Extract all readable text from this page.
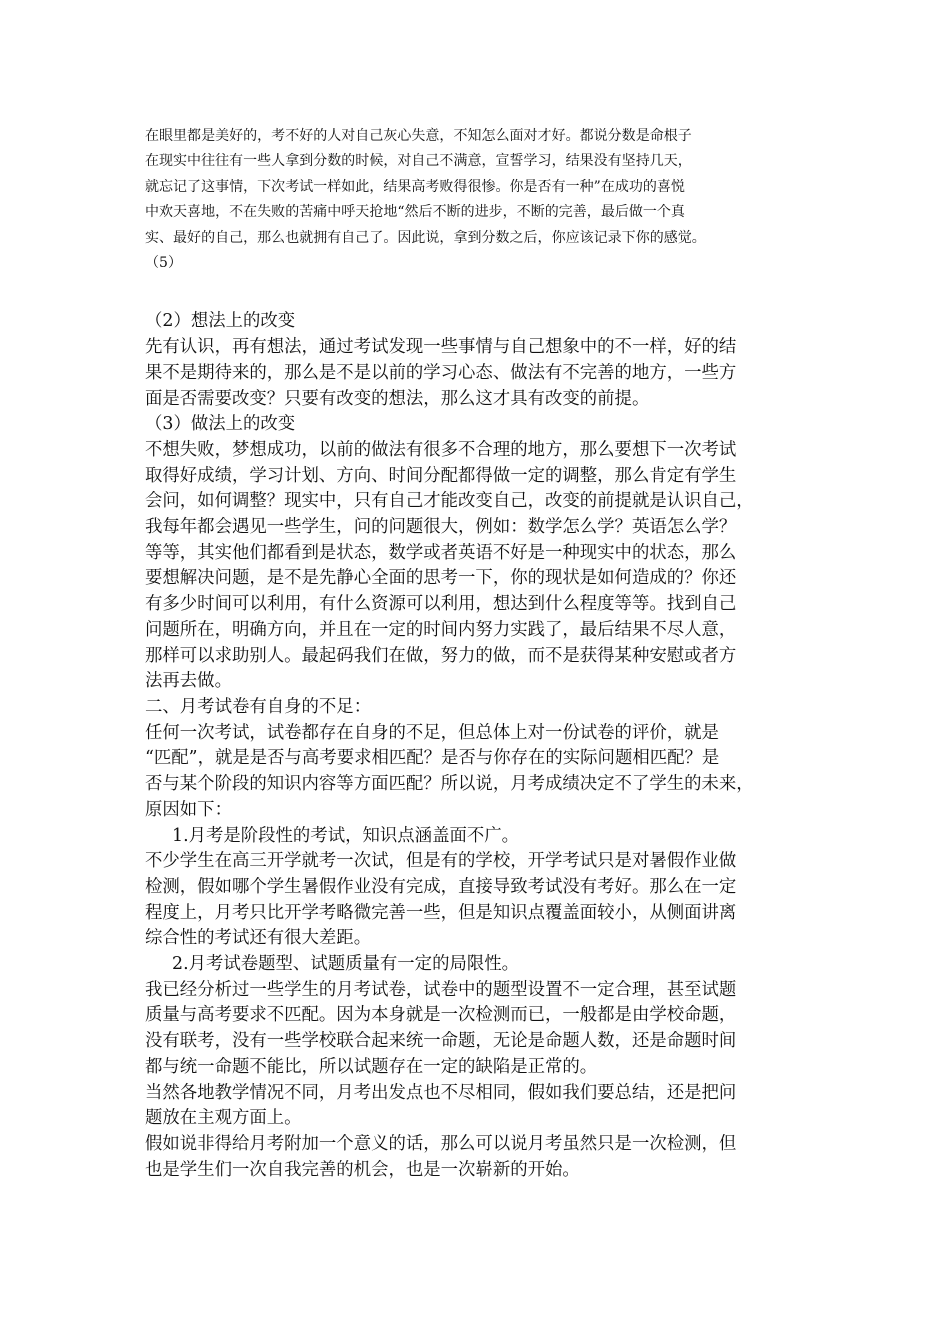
在眼里都是美好的，考不好的人对自己灰心失意，不知怎么面对才好。都说分数是命根子

在现实中往往有一些人拿到分数的时候，对自己不满意，宣誓学习，结果没有坚持几天，

就忘记了这事情，下次考试一样如此，结果高考败得很惨。你是否有一种”在成功的喜悦

中欢天喜地，不在失败的苦痛中呼天抢地“然后不断的进步，不断的完善，最后做一个真

实、最好的自己，那么也就拥有自己了。因此说，拿到分数之后，你应该记录下你的感觉。

（5）

（2）想法上的改变

先有认识，再有想法，通过考试发现一些事情与自己想象中的不一样，好的结

果不是期待来的，那么是不是以前的学习心态、做法有不完善的地方，一些方

面是否需要改变？只要有改变的想法，那么这才具有改变的前提。

（3）做法上的改变

不想失败，梦想成功，以前的做法有很多不合理的地方，那么要想下一次考试

取得好成绩，学习计划、方向、时间分配都得做一定的调整，那么肯定有学生

会问，如何调整？现实中，只有自己才能改变自己，改变的前提就是认识自己，

我每年都会遇见一些学生，问的问题很大，例如：数学怎么学？英语怎么学？

等等，其实他们都看到是状态，数学或者英语不好是一种现实中的状态，那么

要想解决问题，是不是先静心全面的思考一下，你的现状是如何造成的？你还

有多少时间可以利用，有什么资源可以利用，想达到什么程度等等。找到自己

问题所在，明确方向，并且在一定的时间内努力实践了，最后结果不尽人意，

那样可以求助别人。最起码我们在做，努力的做，而不是获得某种安慰或者方

法再去做。

二、月考试卷有自身的不足：

任何一次考试，试卷都存在自身的不足，但总体上对一份试卷的评价，就是

“匹配”，就是是否与高考要求相匹配？是否与你存在的实际问题相匹配？是

否与某个阶段的知识内容等方面匹配？所以说，月考成绩决定不了学生的未来，

原因如下：

1.月考是阶段性的考试，知识点涵盖面不广。

不少学生在高三开学就考一次试，但是有的学校，开学考试只是对暑假作业做

检测，假如哪个学生暑假作业没有完成，直接导致考试没有考好。那么在一定

程度上，月考只比开学考略微完善一些，但是知识点覆盖面较小，从侧面讲离

综合性的考试还有很大差距。

2.月考试卷题型、试题质量有一定的局限性。

我已经分析过一些学生的月考试卷，试卷中的题型设置不一定合理，甚至试题

质量与高考要求不匹配。因为本身就是一次检测而已，一般都是由学校命题，

没有联考，没有一些学校联合起来统一命题，无论是命题人数，还是命题时间

都与统一命题不能比，所以试题存在一定的缺陷是正常的。

当然各地教学情况不同，月考出发点也不尽相同，假如我们要总结，还是把问

题放在主观方面上。

假如说非得给月考附加一个意义的话，那么可以说月考虽然只是一次检测，但

也是学生们一次自我完善的机会，也是一次崭新的开始。
